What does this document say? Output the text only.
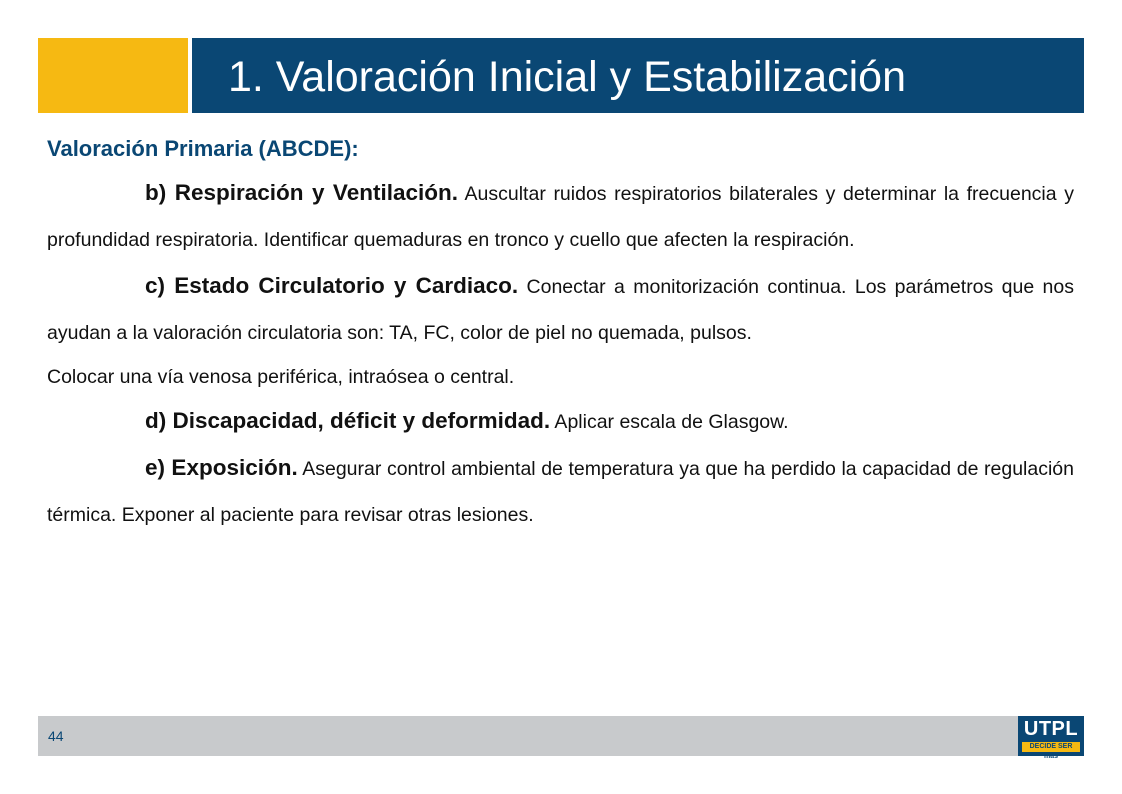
1. Valoración Inicial y Estabilización
Valoración Primaria (ABCDE):

b) Respiración y Ventilación. Auscultar ruidos respiratorios bilaterales y determinar la frecuencia y profundidad respiratoria. Identificar quemaduras en tronco y cuello que afecten la respiración.

c) Estado Circulatorio y Cardiaco. Conectar a monitorización continua. Los parámetros que nos ayudan a la valoración circulatoria son: TA, FC, color de piel no quemada, pulsos.

Colocar una vía venosa periférica, intraósea o central.

d) Discapacidad, déficit y deformidad. Aplicar escala de Glasgow.

e) Exposición. Asegurar control ambiental de temperatura ya que ha perdido la capacidad de regulación térmica. Exponer al paciente para revisar otras lesiones.

44	UTPL
DECIDE SER más
